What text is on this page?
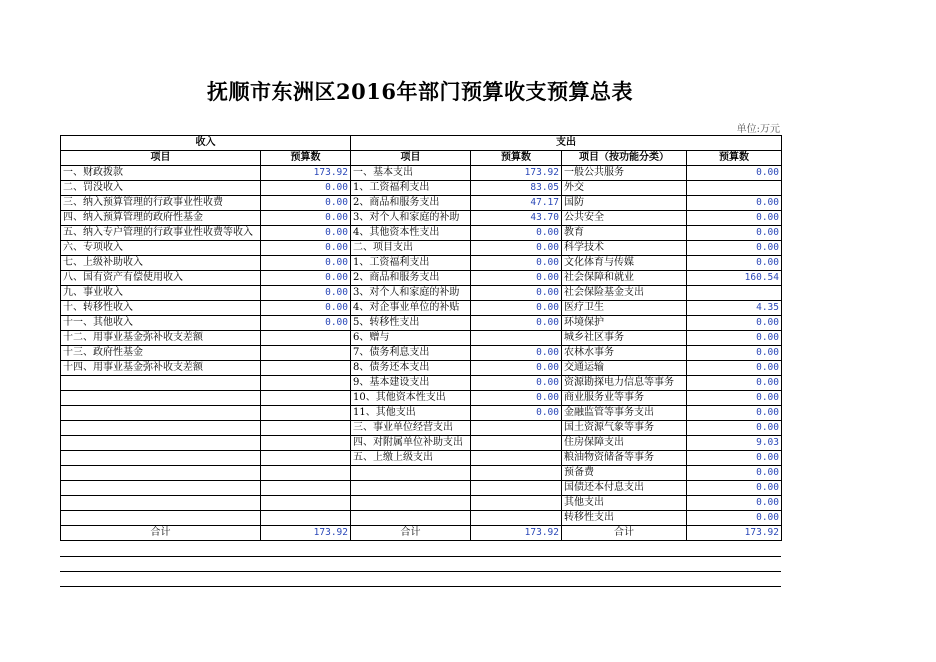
抚顺市东洲区2016年部门预算收支预算总表
单位:万元
收入		支出			
项目	预算数	项目	预算数	项目（按功能分类）	预算数
一、财政拨款	173.92	一、基本支出	173.92	一般公共服务	0.00
二、罚没收入	0.00	1、工资福利支出	83.05	外交	
三、纳入预算管理的行政事业性收费	0.00	2、商品和服务支出	47.17	国防	0.00
四、纳入预算管理的政府性基金	0.00	3、对个人和家庭的补助	43.70	公共安全	0.00
五、纳入专户管理的行政事业性收费等收入	0.00	4、其他资本性支出	0.00	教育	0.00
六、专项收入	0.00	二、项目支出	0.00	科学技术	0.00
七、上级补助收入	0.00	1、工资福利支出	0.00	文化体育与传媒	0.00
八、国有资产有偿使用收入	0.00	2、商品和服务支出	0.00	社会保障和就业	160.54
九、事业收入	0.00	3、对个人和家庭的补助	0.00	社会保险基金支出	
十、转移性收入	0.00	4、对企事业单位的补贴	0.00	医疗卫生	4.35
十一、其他收入	0.00	5、转移性支出	0.00	环境保护	0.00
十二、用事业基金弥补收支差额		6、赠与		城乡社区事务	0.00
十三、政府性基金		7、债务利息支出	0.00	农林水事务	0.00
十四、用事业基金弥补收支差额		8、债务还本支出	0.00	交通运输	0.00
		9、基本建设支出	0.00	资源勘探电力信息等事务	0.00
		10、其他资本性支出	0.00	商业服务业等事务	0.00
		11、其他支出	0.00	金融监管等事务支出	0.00
		三、事业单位经营支出		国土资源气象等事务	0.00
		四、对附属单位补助支出		住房保障支出	9.03
		五、上缴上级支出		粮油物资储备等事务	0.00
				预备费	0.00
				国债还本付息支出	0.00
				其他支出	0.00
				转移性支出	0.00
合计	173.92	合计	173.92	合计	173.92
